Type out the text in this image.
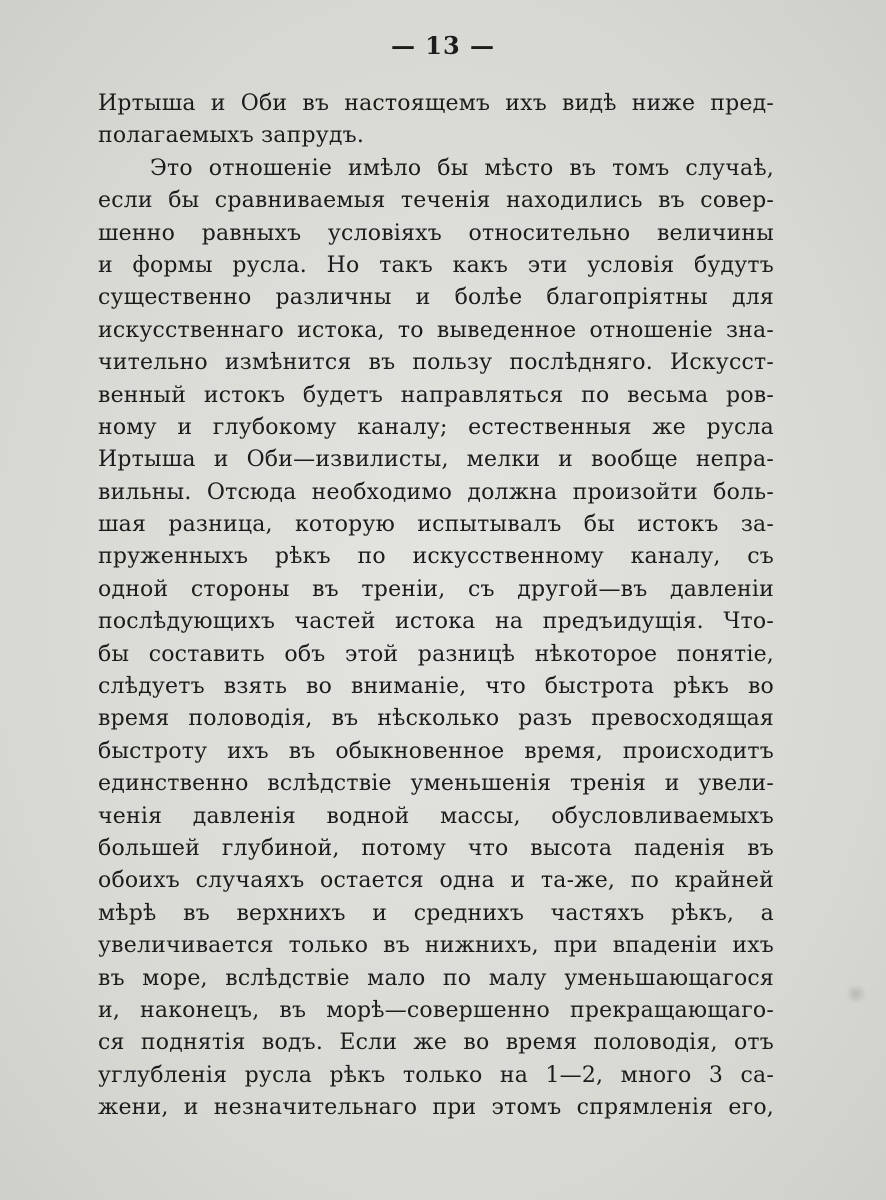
— 13 —
Иртыша и Оби въ настоящемъ ихъ видѣ ниже пред-
полагаемыхъ запрудъ.
Это отношеніе имѣло бы мѣсто въ томъ случаѣ,
если бы сравниваемыя теченія находились въ совер-
шенно равныхъ условіяхъ относительно величины
и формы русла. Но такъ какъ эти условія будутъ
существенно различны и болѣе благопріятны для
искусственнаго истока, то выведенное отношеніе зна-
чительно измѣнится въ пользу послѣдняго. Искусст-
венный истокъ будетъ направляться по весьма ров-
ному и глубокому каналу; естественныя же русла
Иртыша и Оби—извилисты, мелки и вообще непра-
вильны. Отсюда необходимо должна произойти боль-
шая разница, которую испытывалъ бы истокъ за-
пруженныхъ рѣкъ по искусственному каналу, съ
одной стороны въ треніи, съ другой—въ давленіи
послѣдующихъ частей истока на предъидущія. Что-
бы составить объ этой разницѣ нѣкоторое понятіе,
слѣдуетъ взять во вниманіе, что быстрота рѣкъ во
время половодія, въ нѣсколько разъ превосходящая
быстроту ихъ въ обыкновенное время, происходитъ
единственно вслѣдствіе уменьшенія тренія и увели-
ченія давленія водной массы, обусловливаемыхъ
большей глубиной, потому что высота паденія въ
обоихъ случаяхъ остается одна и та-же, по крайней
мѣрѣ въ верхнихъ и среднихъ частяхъ рѣкъ, а
увеличивается только въ нижнихъ, при впаденіи ихъ
въ море, вслѣдствіе мало по малу уменьшающагося
и, наконецъ, въ морѣ—совершенно прекращающаго-
ся поднятія водъ. Если же во время половодія, отъ
углубленія русла рѣкъ только на 1—2, много 3 са-
жени, и незначительнаго при этомъ спрямленія его,
